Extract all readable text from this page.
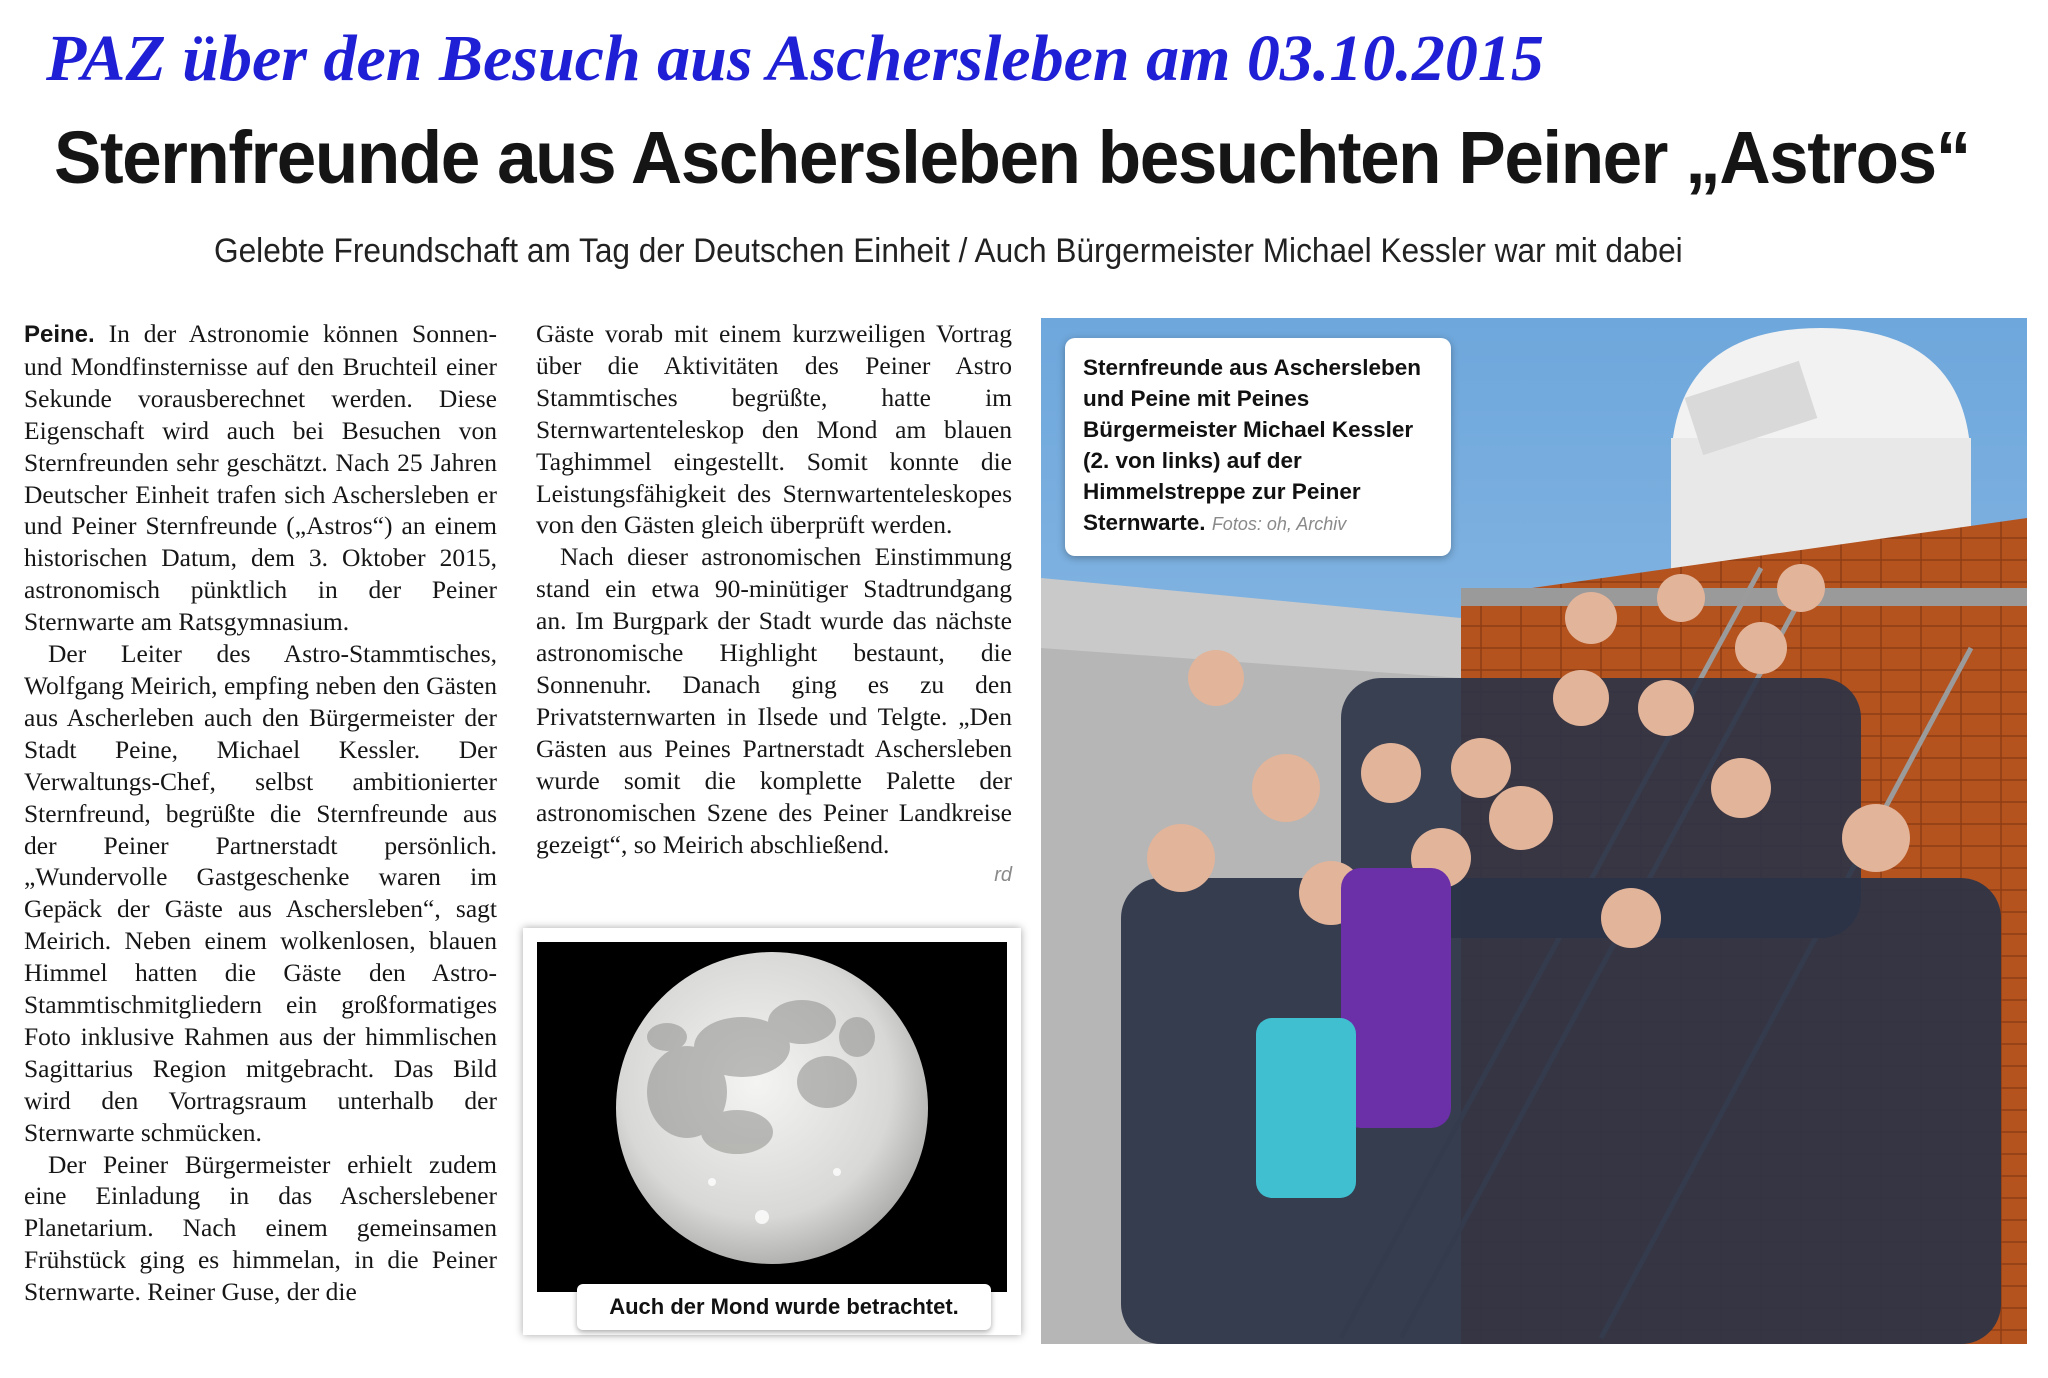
PAZ über den Besuch aus Aschersleben am 03.10.2015
Sternfreunde aus Aschersleben besuchten Peiner „Astros“
Gelebte Freundschaft am Tag der Deutschen Einheit / Auch Bürgermeister Michael Kessler war mit dabei

Peine. In der Astronomie können Sonnen- und Mondfinsternisse auf den Bruchteil einer Sekunde vorausberechnet werden. Diese Eigenschaft wird auch bei Besuchen von Sternfreunden sehr geschätzt. Nach 25 Jahren Deutscher Einheit trafen sich Aschersleben er und Peiner Sternfreunde („Astros“) an einem historischen Datum, dem 3. Oktober 2015, astronomisch pünktlich in der Peiner Sternwarte am Ratsgymnasium.

Der Leiter des Astro-Stammtisches, Wolfgang Meirich, empfing neben den Gästen aus Ascherleben auch den Bürgermeister der Stadt Peine, Michael Kessler. Der Verwaltungs-Chef, selbst ambitionierter Sternfreund, begrüßte die Sternfreunde aus der Peiner Partnerstadt persönlich. „Wundervolle Gastgeschenke waren im Gepäck der Gäste aus Aschersleben“, sagt Meirich. Neben einem wolkenlosen, blauen Himmel hatten die Gäste den Astro- Stammtischmitgliedern ein großformatiges Foto inklusive Rahmen aus der himmlischen Sagittarius Region mitgebracht. Das Bild wird den Vortragsraum unterhalb der Sternwarte schmücken.

Der Peiner Bürgermeister erhielt zudem eine Einladung in das Ascherslebener Planetarium. Nach einem gemeinsamen Frühstück ging es himmelan, in die Peiner Sternwarte. Reiner Guse, der die

Gäste vorab mit einem kurzweiligen Vortrag über die Aktivitäten des Peiner Astro Stammtisches begrüßte, hatte im Sternwartenteleskop den Mond am blauen Taghimmel eingestellt. Somit konnte die Leistungsfähigkeit des Sternwartenteleskopes von den Gästen gleich überprüft werden.

Nach dieser astronomischen Einstimmung stand ein etwa 90-minütiger Stadtrundgang an. Im Burgpark der Stadt wurde das nächste astronomische Highlight bestaunt, die Sonnenuhr. Danach ging es zu den Privatsternwarten in Ilsede und Telgte. „Den Gästen aus Peines Partnerstadt Aschersleben wurde somit die komplette Palette der astronomischen Szene des Peiner Landkreise gezeigt“, so Meirich abschließend.

rd

Auch der Mond wurde betrachtet.
Sternfreunde aus Aschersleben und Peine mit Peines Bürgermeister Michael Kessler (2. von links) auf der Himmelstreppe zur Peiner Sternwarte. Fotos: oh, Archiv
